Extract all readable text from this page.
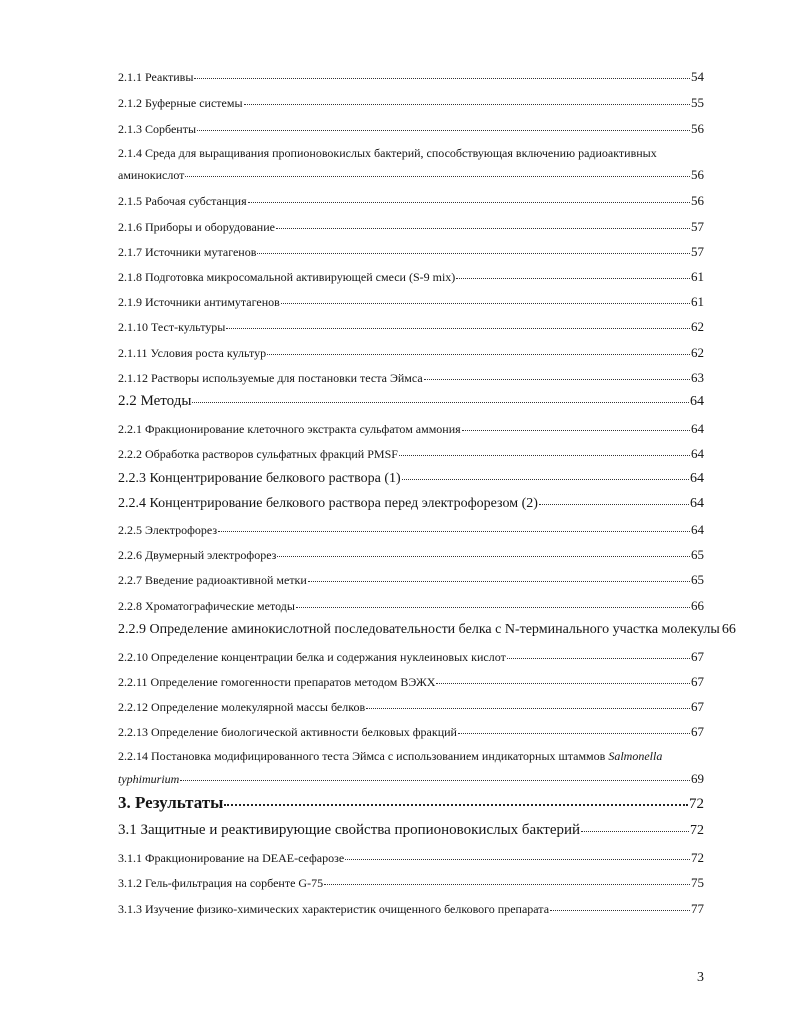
2.1.1 Реактивы	54
2.1.2 Буферные системы	55
2.1.3 Сорбенты	56
2.1.4 Среда для выращивания пропионовокислых бактерий, способствующая включению радиоактивных
аминокислот	56
2.1.5 Рабочая субстанция	56
2.1.6 Приборы и оборудование	57
2.1.7 Источники мутагенов	57
2.1.8 Подготовка микросомальной активирующей смеси (S-9 mix)	61
2.1.9 Источники антимутагенов	61
2.1.10 Тест-культуры	62
2.1.11 Условия роста культур	62
2.1.12 Растворы используемые для постановки теста Эймса	63
2.2 Методы	64
2.2.1 Фракционирование клеточного экстракта сульфатом аммония	64
2.2.2 Обработка растворов сульфатных фракций PMSF	64
2.2.3 Концентрирование белкового раствора (1)	64
2.2.4 Концентрирование белкового раствора перед электрофорезом (2)	64
2.2.5 Электрофорез	64
2.2.6 Двумерный электрофорез	65
2.2.7 Введение радиоактивной метки	65
2.2.8 Хроматографические методы	66
2.2.9 Определение аминокислотной последовательности белка с N-терминального участка молекулы 66
2.2.10 Определение концентрации белка и содержания нуклеиновых кислот	67
2.2.11 Определение гомогенности препаратов методом ВЭЖХ	67
2.2.12 Определение молекулярной массы белков	67
2.2.13 Определение биологической активности белковых фракций	67
2.2.14 Постановка модифицированного теста Эймса с использованием индикаторных штаммов Salmonella
typhimurium	69
3. Результаты	72
3.1 Защитные и реактивирующие свойства пропионовокислых бактерий	72
3.1.1 Фракционирование на DEAE-сефарозе	72
3.1.2 Гель-фильтрация на сорбенте G-75	75
3.1.3 Изучение физико-химических характеристик очищенного белкового препарата	77
3
